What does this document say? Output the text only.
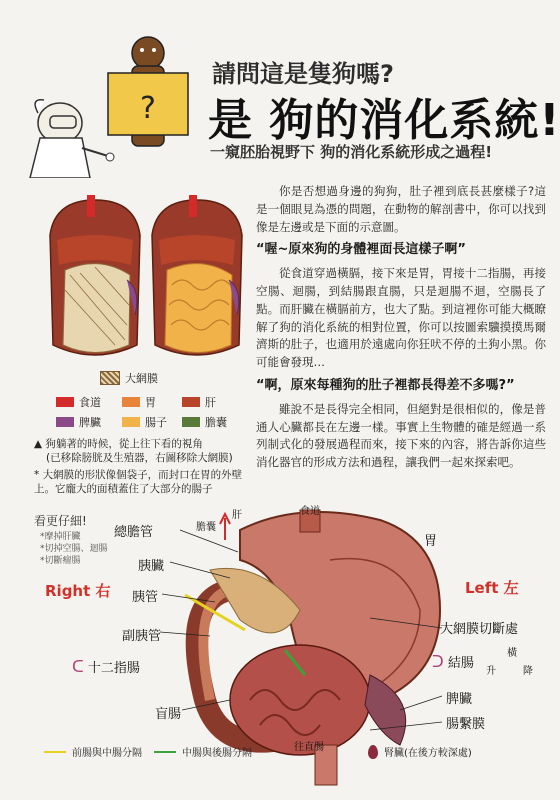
?
請問這是隻狗嗎?
是 狗的消化系統!
一窺胚胎視野下 狗的消化系統形成之過程!
大網膜
食道	胃	肝
脾臟	腸子	膽囊
▲ 狗躺著的時候，從上往下看的視角
(已移除膀胱及生殖器，右圖移除大網膜)
* 大網膜的形狀像個袋子，而封口在胃的外壁上。它龐大的面積蓋住了大部分的腸子

你是否想過身邊的狗狗，肚子裡到底長甚麼樣子?這是一個眼見為憑的問題，在動物的解剖書中，你可以找到像是左邊或是下面的示意圖。

“喔~原來狗的身體裡面長這樣子啊”

從食道穿過橫膈，接下來是胃，胃接十二指腸，再接空腸、迴腸，到結腸跟直腸，只是迴腸不迴，空腸長了點。而肝臟在橫膈前方，也大了點。到這裡你可能大概瞭解了狗的消化系統的相對位置，你可以按圖索驥摸摸馬爾濟斯的肚子，也適用於遠處向你狂吠不停的土狗小黑。你可能會發現…

“啊，原來每種狗的肚子裡都長得差不多嗎?”

雖說不是長得完全相同，但絕對是很相似的，像是普通人心臟都長在左邊一樣。事實上生物體的確是經過一系列制式化的發展過程而來，接下來的內容，將告訴你這些消化器官的形成方法和過程，讓我們一起來探索吧。

看更仔細!
*摩掉肝臟
*切掉空腸、迴腸
*切斷瘤腸
總膽管	膽囊
肝	食道
胃
胰臟
胰管
副胰管	大網膜切斷處
Right 右	Left 左
ᑕ 十二指腸	ᑐ 結腸
橫
升	降
脾臟
腸繫膜
盲腸
往直腸
前腸與中腸分隔	中腸與後腸分隔	腎臟(在後方較深處)
